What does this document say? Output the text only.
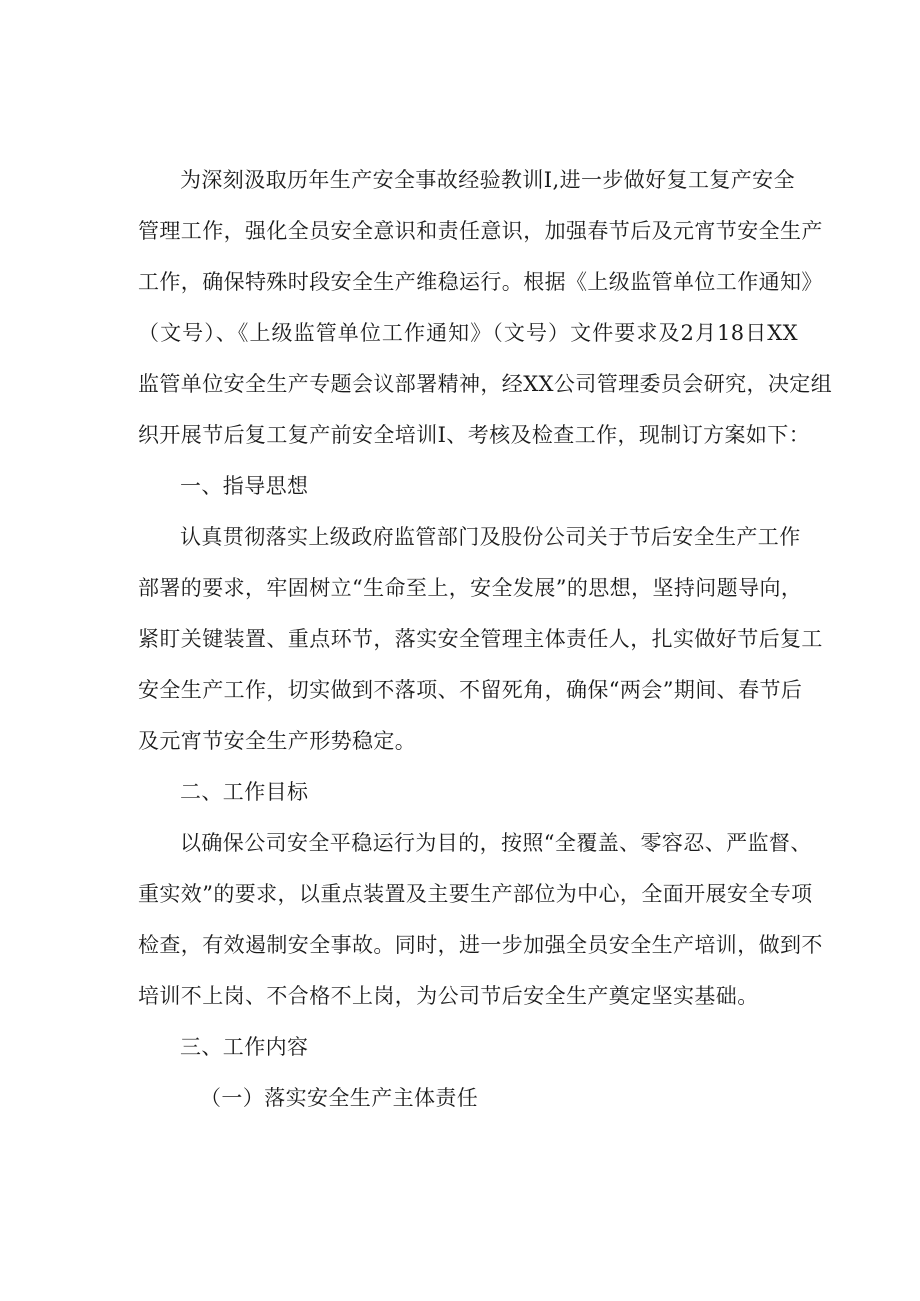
为深刻汲取历年生产安全事故经验教训I,进一步做好复工复产安全
管理工作，强化全员安全意识和责任意识，加强春节后及元宵节安全生产
工作，确保特殊时段安全生产维稳运行。根据《上级监管单位工作通知》
（文号）、《上级监管单位工作通知》（文号）文件要求及2月18日XX
监管单位安全生产专题会议部署精神，经XX公司管理委员会研究，决定组
织开展节后复工复产前安全培训I、考核及检查工作，现制订方案如下：
一、指导思想
认真贯彻落实上级政府监管部门及股份公司关于节后安全生产工作
部署的要求，牢固树立“生命至上，安全发展”的思想，坚持问题导向，
紧盯关键装置、重点环节，落实安全管理主体责任人，扎实做好节后复工
安全生产工作，切实做到不落项、不留死角，确保“两会”期间、春节后
及元宵节安全生产形势稳定。
二、工作目标
以确保公司安全平稳运行为目的，按照“全覆盖、零容忍、严监督、
重实效”的要求，以重点装置及主要生产部位为中心，全面开展安全专项
检查，有效遏制安全事故。同时，进一步加强全员安全生产培训，做到不
培训不上岗、不合格不上岗，为公司节后安全生产奠定坚实基础。
三、工作内容
（一）落实安全生产主体责任
